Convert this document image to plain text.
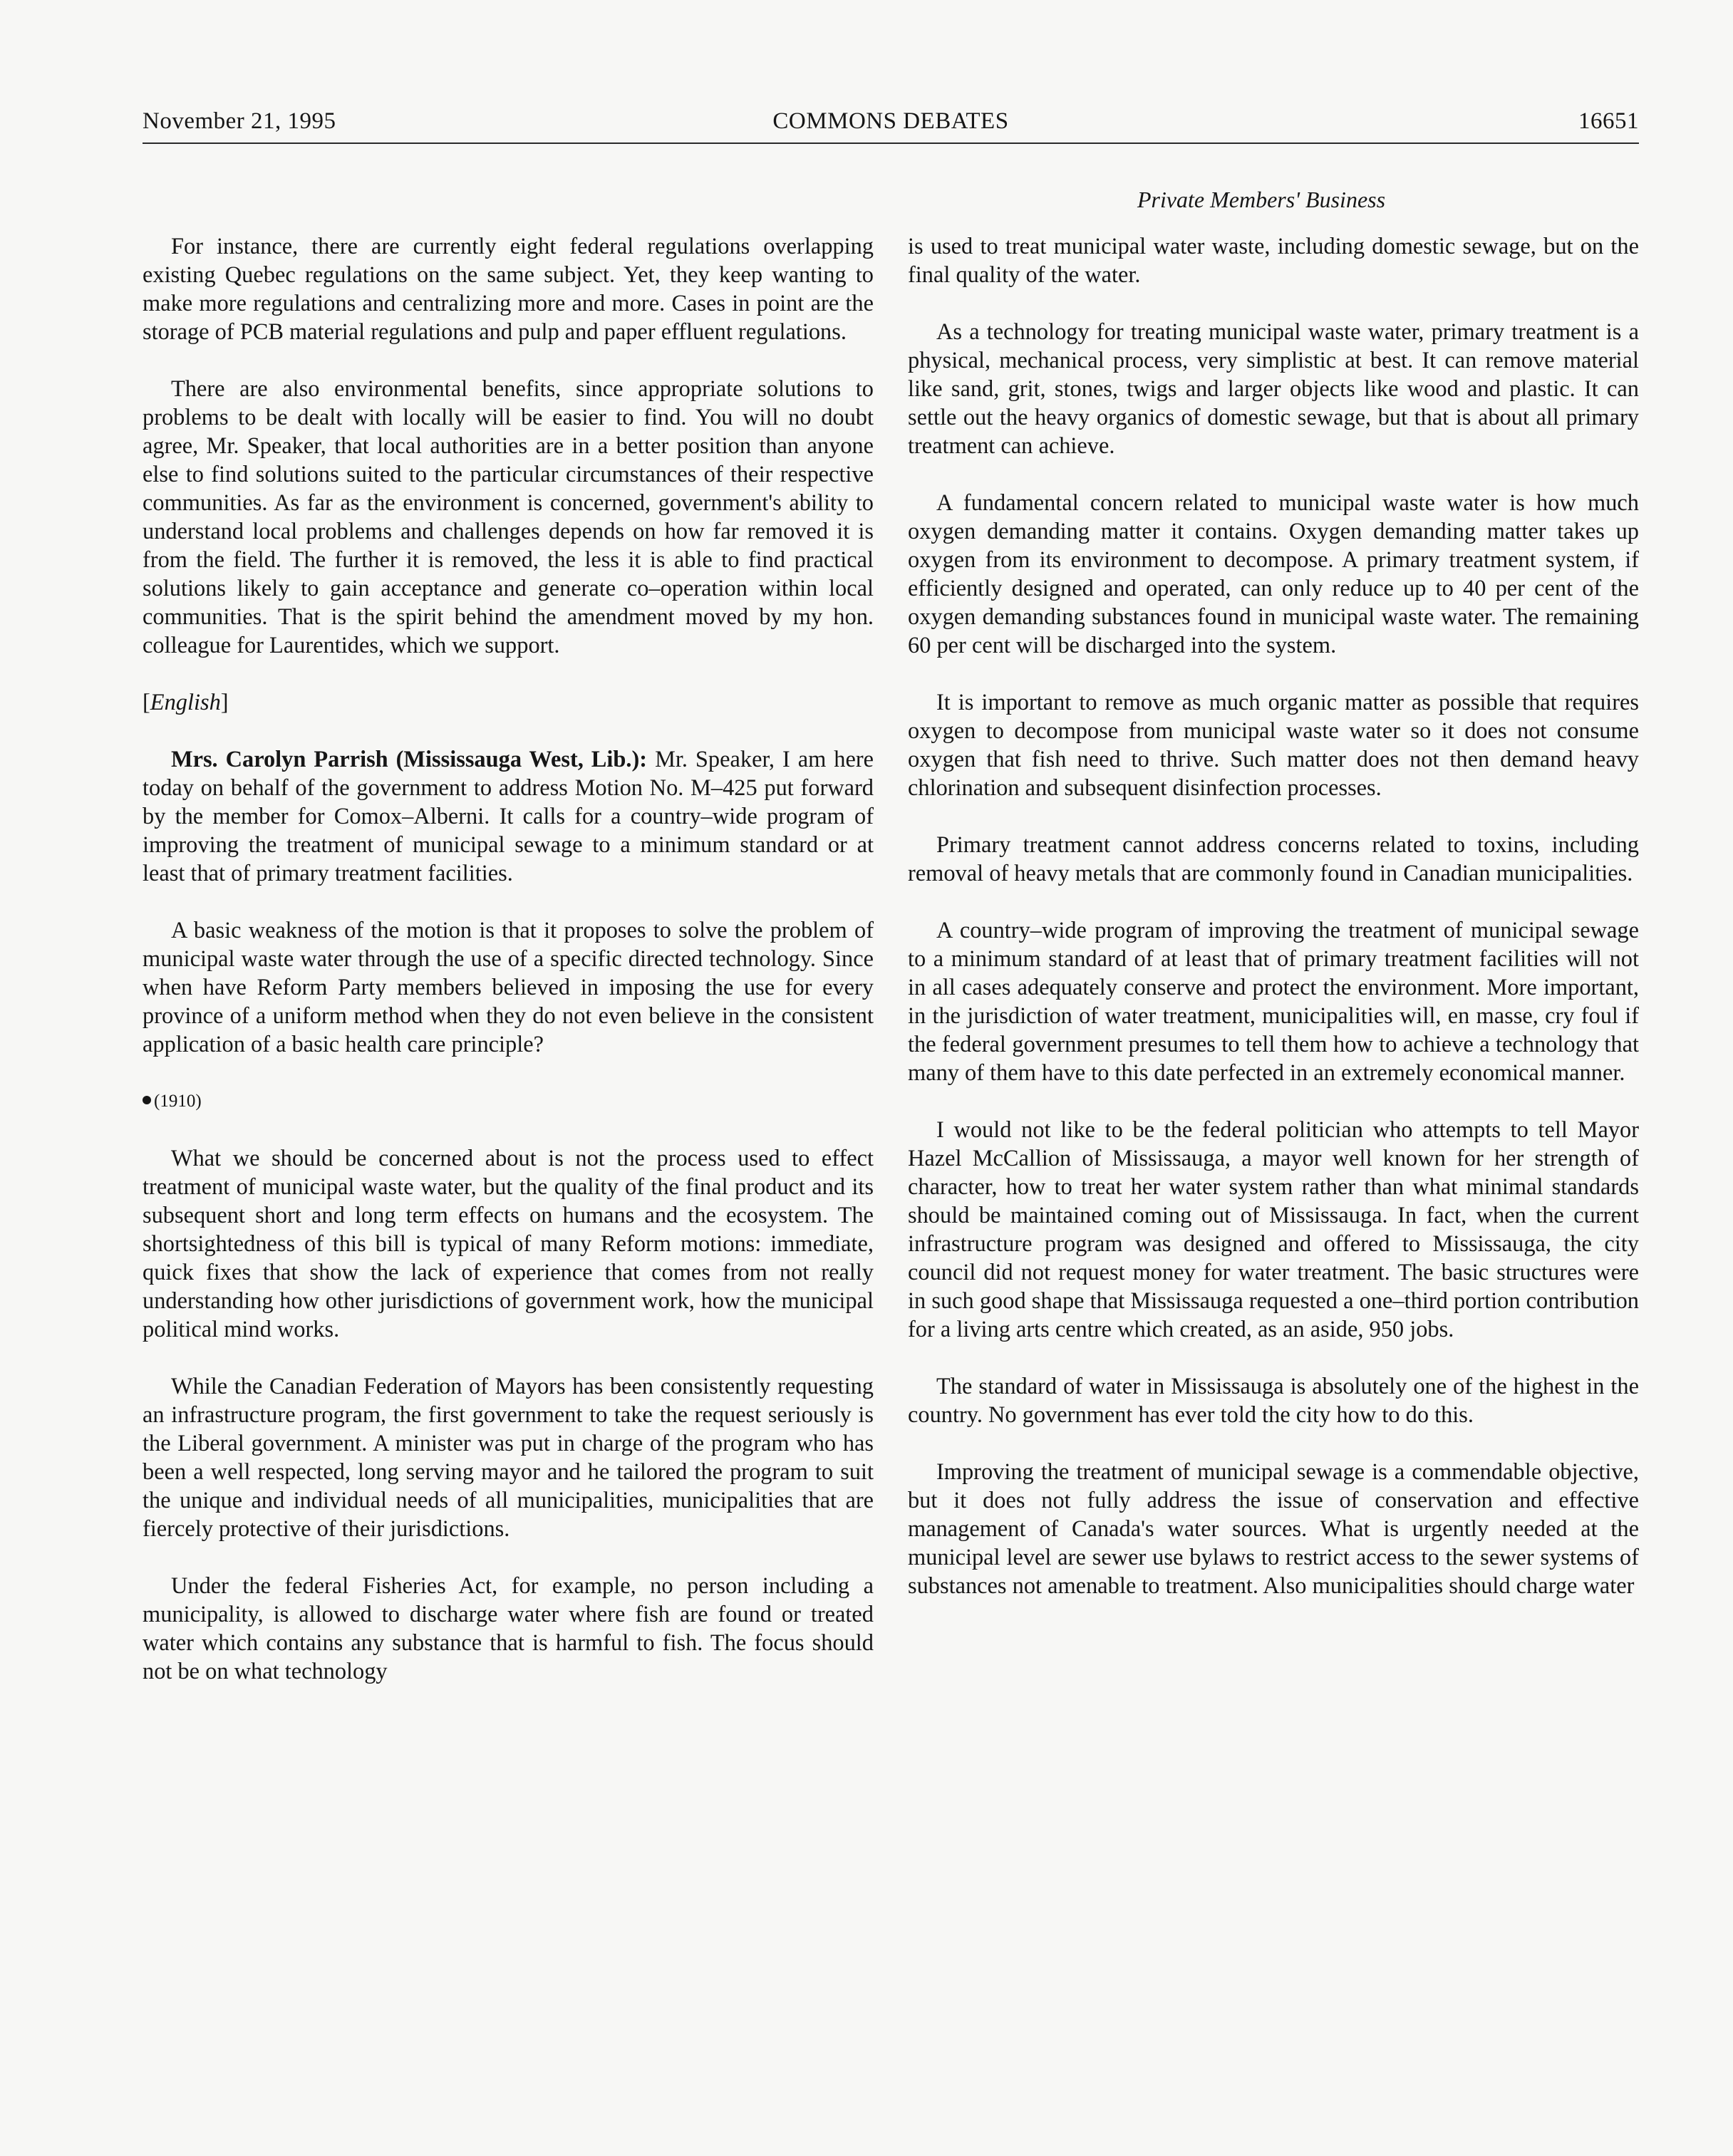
November 21, 1995	COMMONS DEBATES	16651
Private Members' Business

For instance, there are currently eight federal regulations overlapping existing Quebec regulations on the same subject. Yet, they keep wanting to make more regulations and centralizing more and more. Cases in point are the storage of PCB material regulations and pulp and paper effluent regulations.

There are also environmental benefits, since appropriate solutions to problems to be dealt with locally will be easier to find. You will no doubt agree, Mr. Speaker, that local authorities are in a better position than anyone else to find solutions suited to the particular circumstances of their respective communities. As far as the environment is concerned, government's ability to understand local problems and challenges depends on how far removed it is from the field. The further it is removed, the less it is able to find practical solutions likely to gain acceptance and generate co–operation within local communities. That is the spirit behind the amendment moved by my hon. colleague for Laurentides, which we support.

[English]

Mrs. Carolyn Parrish (Mississauga West, Lib.): Mr. Speaker, I am here today on behalf of the government to address Motion No. M–425 put forward by the member for Comox–Alberni. It calls for a country–wide program of improving the treatment of municipal sewage to a minimum standard or at least that of primary treatment facilities.

A basic weakness of the motion is that it proposes to solve the problem of municipal waste water through the use of a specific directed technology. Since when have Reform Party members believed in imposing the use for every province of a uniform method when they do not even believe in the consistent application of a basic health care principle?

(1910)

What we should be concerned about is not the process used to effect treatment of municipal waste water, but the quality of the final product and its subsequent short and long term effects on humans and the ecosystem. The shortsightedness of this bill is typical of many Reform motions: immediate, quick fixes that show the lack of experience that comes from not really understanding how other jurisdictions of government work, how the municipal political mind works.

While the Canadian Federation of Mayors has been consistently requesting an infrastructure program, the first government to take the request seriously is the Liberal government. A minister was put in charge of the program who has been a well respected, long serving mayor and he tailored the program to suit the unique and individual needs of all municipalities, municipalities that are fiercely protective of their jurisdictions.

Under the federal Fisheries Act, for example, no person including a municipality, is allowed to discharge water where fish are found or treated water which contains any substance that is harmful to fish. The focus should not be on what technology

is used to treat municipal water waste, including domestic sewage, but on the final quality of the water.

As a technology for treating municipal waste water, primary treatment is a physical, mechanical process, very simplistic at best. It can remove material like sand, grit, stones, twigs and larger objects like wood and plastic. It can settle out the heavy organics of domestic sewage, but that is about all primary treatment can achieve.

A fundamental concern related to municipal waste water is how much oxygen demanding matter it contains. Oxygen demanding matter takes up oxygen from its environment to decompose. A primary treatment system, if efficiently designed and operated, can only reduce up to 40 per cent of the oxygen demanding substances found in municipal waste water. The remaining 60 per cent will be discharged into the system.

It is important to remove as much organic matter as possible that requires oxygen to decompose from municipal waste water so it does not consume oxygen that fish need to thrive. Such matter does not then demand heavy chlorination and subsequent disinfection processes.

Primary treatment cannot address concerns related to toxins, including removal of heavy metals that are commonly found in Canadian municipalities.

A country–wide program of improving the treatment of municipal sewage to a minimum standard of at least that of primary treatment facilities will not in all cases adequately conserve and protect the environment. More important, in the jurisdiction of water treatment, municipalities will, en masse, cry foul if the federal government presumes to tell them how to achieve a technology that many of them have to this date perfected in an extremely economical manner.

I would not like to be the federal politician who attempts to tell Mayor Hazel McCallion of Mississauga, a mayor well known for her strength of character, how to treat her water system rather than what minimal standards should be maintained coming out of Mississauga. In fact, when the current infrastructure program was designed and offered to Mississauga, the city council did not request money for water treatment. The basic structures were in such good shape that Mississauga requested a one–third portion contribution for a living arts centre which created, as an aside, 950 jobs.

The standard of water in Mississauga is absolutely one of the highest in the country. No government has ever told the city how to do this.

Improving the treatment of municipal sewage is a commendable objective, but it does not fully address the issue of conservation and effective management of Canada's water sources. What is urgently needed at the municipal level are sewer use bylaws to restrict access to the sewer systems of substances not amenable to treatment. Also municipalities should charge water
